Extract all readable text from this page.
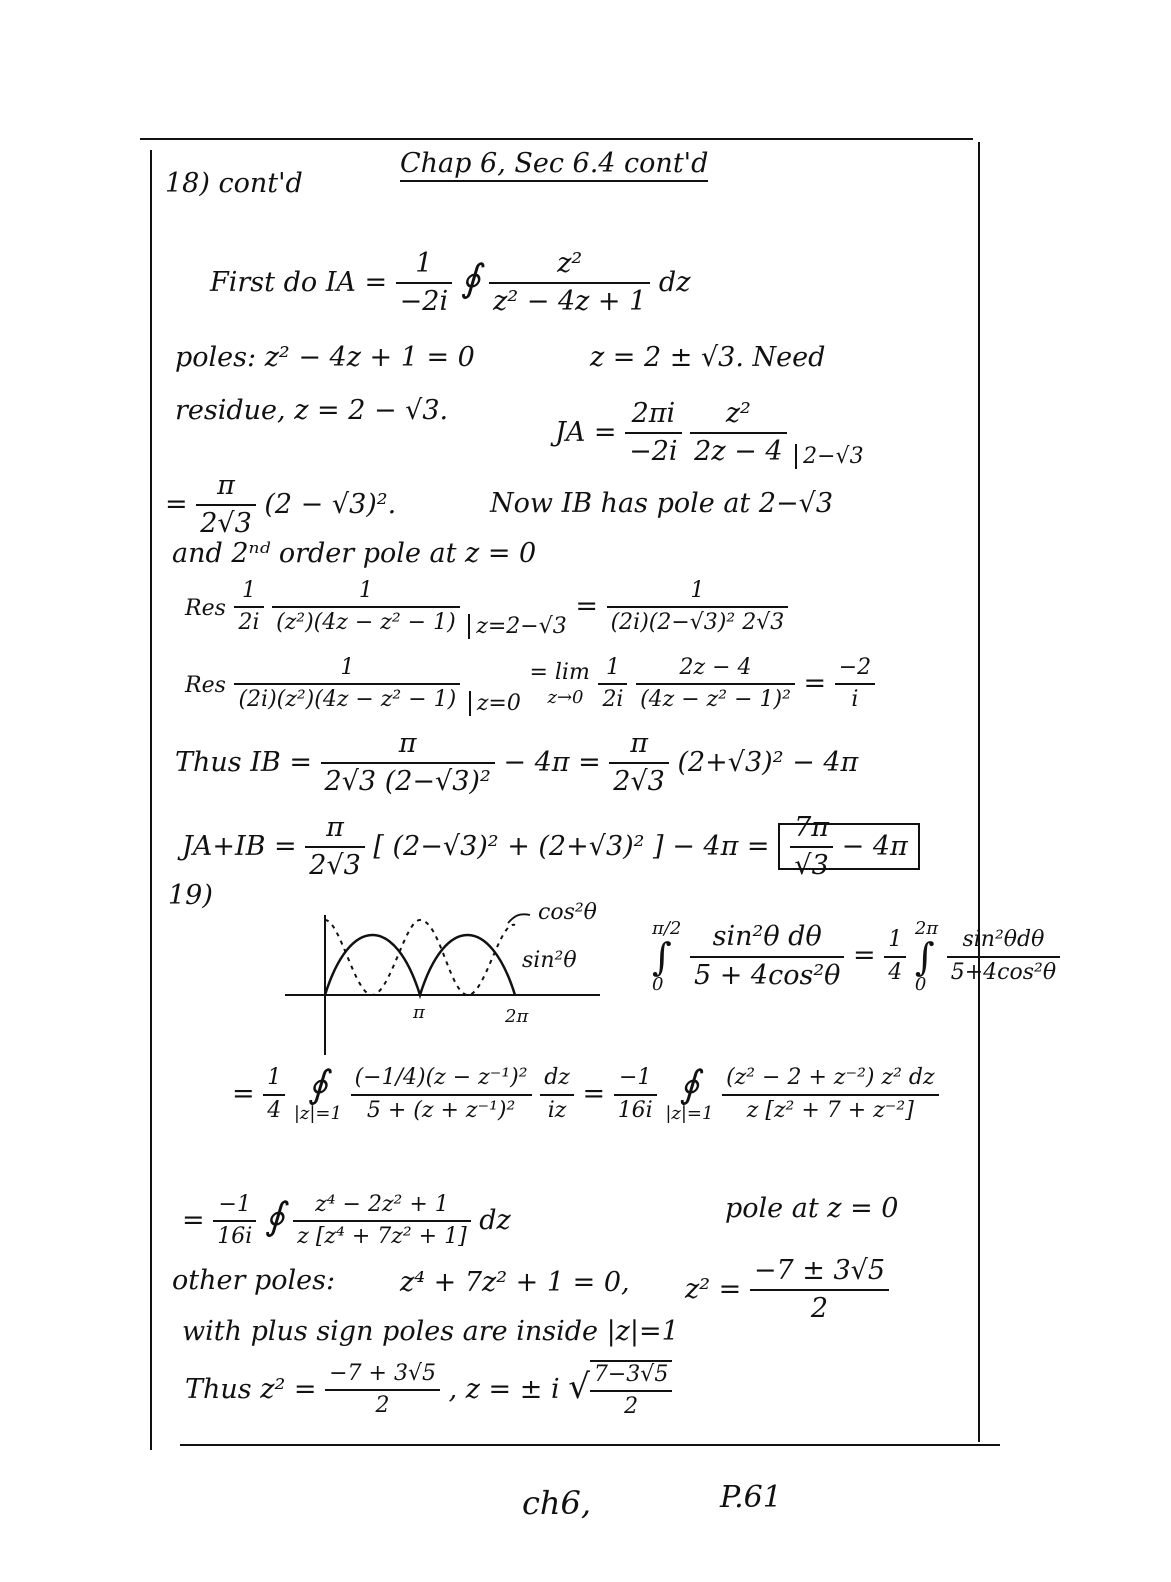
18) cont'd
Chap 6, Sec 6.4 cont'd
First do IA = $\frac{1}{-2i}$ ∮ $\frac{\text{z²}}{\text{z² − 4z + 1}}$ dz
poles: z² − 4z + 1 = 0	z = 2 ± √3. Need
residue, z = 2 − √3.
JA = $\frac{2\pi i}{-2i}$
$\frac{\text{z²}}{2z - 4} _{2-√3}$
= $\frac{\pi}{2√3} (2 - √3)^2$.	Now IB has pole at 2−√3
and 2ⁿᵈ order pole at z = 0
Res $\frac{1}{2i}$
$\frac{1}{\text{(z²)(4z − z² − 1)}} _{z=2-√3} = \frac{1}{\text{(2i)(2−√3)² 2√3}}$
Res $\frac{1}{\text{(2i)(z²)(4z − z² − 1)}} _{z=0}$
= lim
z→0
$\frac{1}{2i}$
$\frac{2z - 4}{\text{(4z − z² − 1)²}} = \frac{-2}{i}$
Thus IB = $\frac{\pi}{\text{2√3 (2−√3)²}} - 4\pi = \frac{\pi}{2√3} (2+√3)^2 - 4\pi$
$JA+IB = \frac{\pi}{2√3}$ [ (2−√3)² + (2+√3)² ] − $4\pi = \frac{7\pi}{√3} - 4\pi$
19)
cos²θ
sin²θ
π	2π
π/2
∫
0
$\frac{\text{sin²θ dθ}}{\text{5 + 4cos²θ}} = \frac{1}{4}$
2π
∫
0
$\frac{\text{sin²θdθ}}{\text{5+4cos²θ}}$
= $\frac{1}{4}$
∮
|z|=1
$\frac{\text{(−1/4)(z − z⁻¹)²}}{\text{5 + (z + z⁻¹)²}}$
$\frac{dz}{iz} = \frac{-1}{16i}$
∮
|z|=1
$\frac{\text{(z² − 2 + z⁻²) z² dz}}{\text{z [z² + 7 + z⁻²]}}$
= $\frac{-1}{16i}$ ∮ $\frac{\text{z⁴ − 2z² + 1}}{\text{z [z⁴ + 7z² + 1]}}$ dz	pole at z = 0
other poles: z⁴ + 7z² + 1 = 0, $z^2 = \frac{-7 \pm 3√5}{2}$
with plus sign poles are inside |z|=1
Thus $z^2 = \frac{-7 + 3√5}{2}$ , z = ± i √ $\frac{7-3√5}{2}$
ch6,	P.61
